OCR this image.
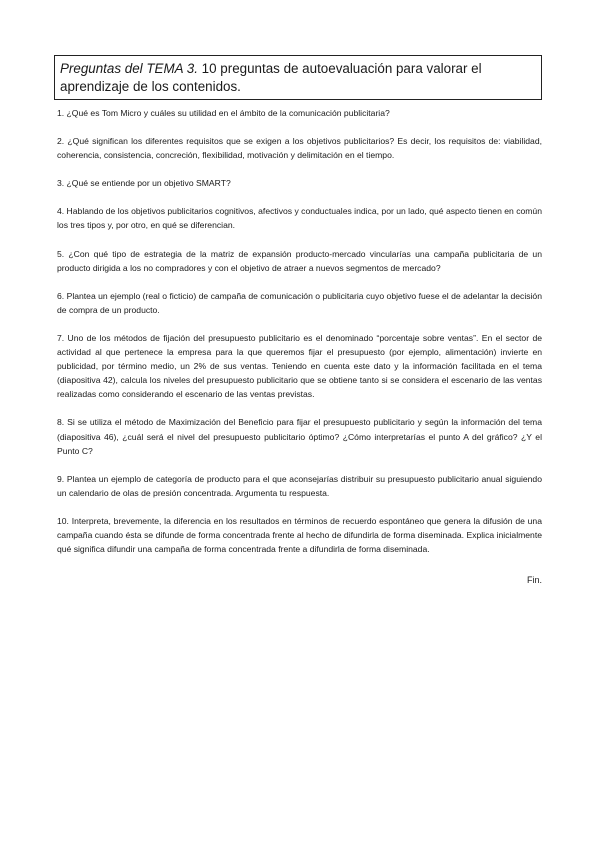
Preguntas del TEMA 3. 10 preguntas de autoevaluación para valorar el aprendizaje de los contenidos.

1. ¿Qué es Tom Micro y cuáles su utilidad en el ámbito de la comunicación publicitaria?

2. ¿Qué significan los diferentes requisitos que se exigen a los objetivos publicitarios? Es decir, los requisitos de: viabilidad, coherencia, consistencia, concreción, flexibilidad, motivación y delimitación en el tiempo.

3. ¿Qué se entiende por un objetivo SMART?

4. Hablando de los objetivos publicitarios cognitivos, afectivos y conductuales indica, por un lado, qué aspecto tienen en común los tres tipos y, por otro, en qué se diferencian.

5. ¿Con qué tipo de estrategia de la matriz de expansión producto-mercado vincularías una campaña publicitaria de un producto dirigida a los no compradores y con el objetivo de atraer a nuevos segmentos de mercado?

6. Plantea un ejemplo (real o ficticio) de campaña de comunicación o publicitaria cuyo objetivo fuese el de adelantar la decisión de compra de un producto.

7. Uno de los métodos de fijación del presupuesto publicitario es el denominado “porcentaje sobre ventas”. En el sector de actividad al que pertenece la empresa para la que queremos fijar el presupuesto (por ejemplo, alimentación) invierte en publicidad, por término medio, un 2% de sus ventas. Teniendo en cuenta este dato y la información facilitada en el tema (diapositiva 42), calcula los niveles del presupuesto publicitario que se obtiene tanto si se considera el escenario de las ventas realizadas como considerando el escenario de las ventas previstas.

8. Si se utiliza el método de Maximización del Beneficio para fijar el presupuesto publicitario y según la información del tema (diapositiva 46), ¿cuál será el nivel del presupuesto publicitario óptimo? ¿Cómo interpretarías el punto A del gráfico? ¿Y el Punto C?

9. Plantea un ejemplo de categoría de producto para el que aconsejarías distribuir su presupuesto publicitario anual siguiendo un calendario de olas de presión concentrada. Argumenta tu respuesta.

10. Interpreta, brevemente, la diferencia en los resultados en términos de recuerdo espontáneo que genera la difusión de una campaña cuando ésta se difunde de forma concentrada frente al hecho de difundirla de forma diseminada. Explica inicialmente qué significa difundir una campaña de forma concentrada frente a difundirla de forma diseminada.

Fin.
